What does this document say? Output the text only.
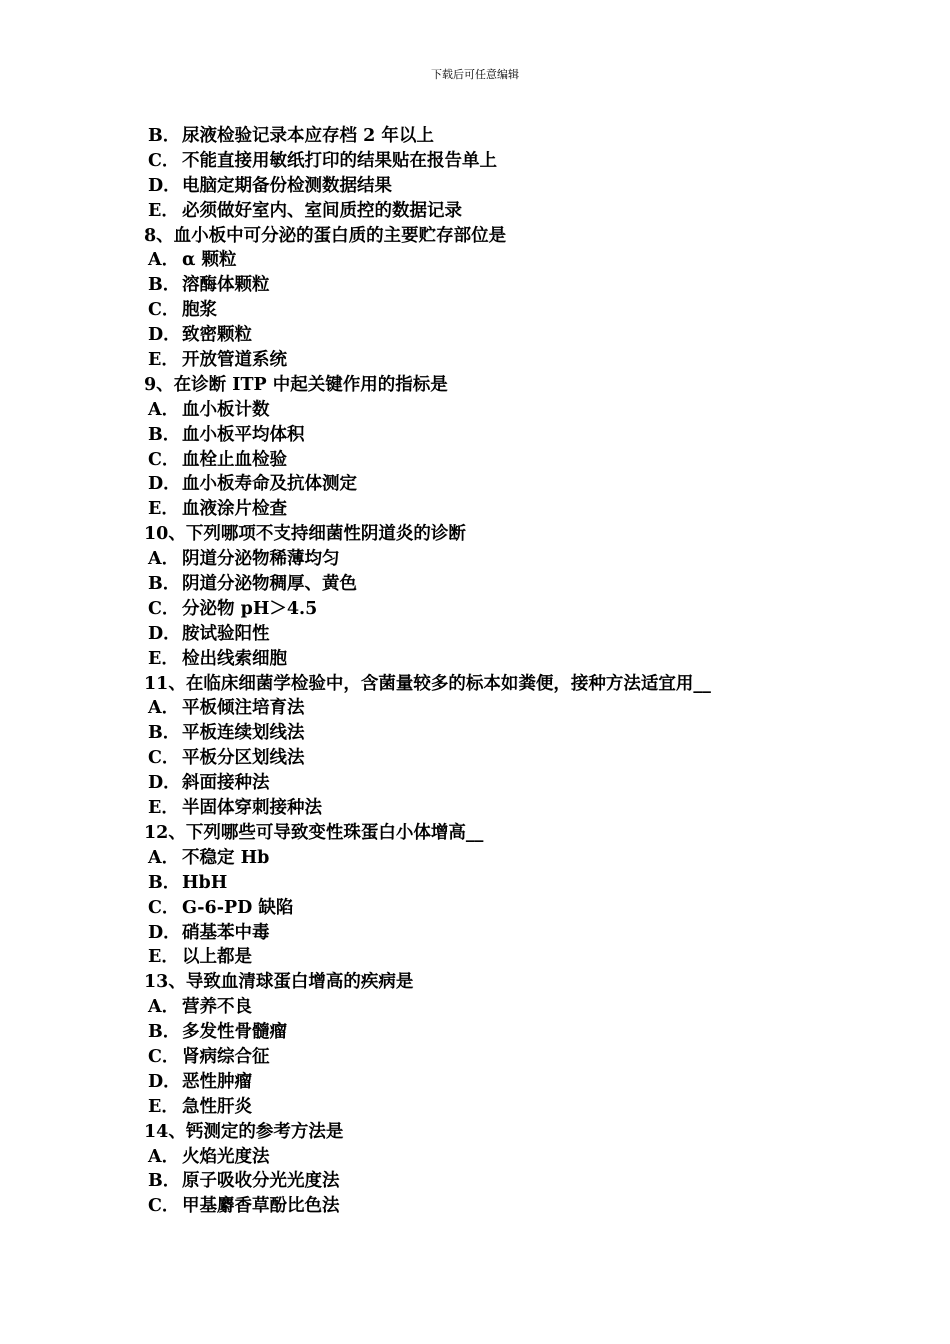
下载后可任意编辑
B．尿液检验记录本应存档 2 年以上
C． 不能直接用敏纸打印的结果贴在报告单上
D．电脑定期备份检测数据结果
E． 必须做好室内、室间质控的数据记录
8、血小板中可分泌的蛋白质的主要贮存部位是
A． α 颗粒
B．溶酶体颗粒
C． 胞浆
D．致密颗粒
E． 开放管道系统
9、在诊断 ITP 中起关键作用的指标是
A． 血小板计数
B．血小板平均体积
C． 血栓止血检验
D．血小板寿命及抗体测定
E． 血液涂片检查
10、下列哪项不支持细菌性阴道炎的诊断
A． 阴道分泌物稀薄均匀
B．阴道分泌物稠厚、黄色
C． 分泌物 pH＞4.5
D．胺试验阳性
E． 检出线索细胞
11、在临床细菌学检验中，含菌量较多的标本如粪便，接种方法适宜用__
A． 平板倾注培育法
B．平板连续划线法
C． 平板分区划线法
D．斜面接种法
E． 半固体穿刺接种法
12、下列哪些可导致变性珠蛋白小体增高__
A． 不稳定 Hb
B．HbH
C． G-6-PD 缺陷
D．硝基苯中毒
E． 以上都是
13、导致血清球蛋白增高的疾病是
A． 营养不良
B．多发性骨髓瘤
C． 肾病综合征
D．恶性肿瘤
E． 急性肝炎
14、钙测定的参考方法是
A． 火焰光度法
B．原子吸收分光光度法
C． 甲基麝香草酚比色法
